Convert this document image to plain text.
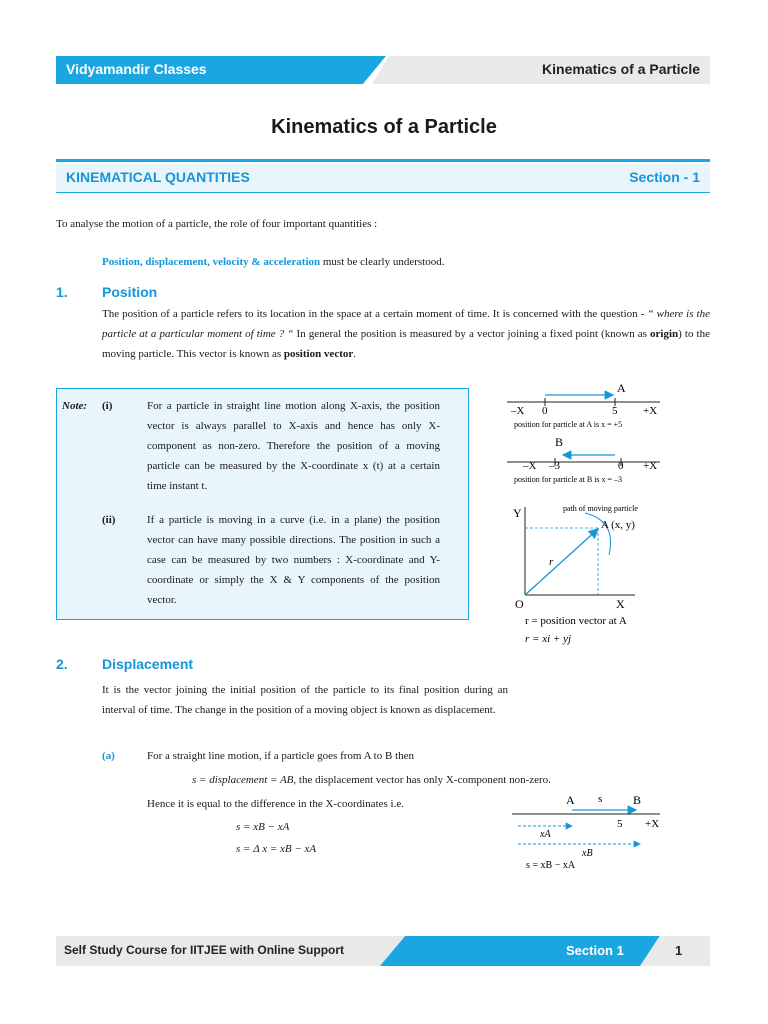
Vidyamandir Classes	Kinematics of a Particle
Kinematics of a Particle
KINEMATICAL QUANTITIES	Section - 1
To analyse the motion of a particle, the role of four important quantities :
Position, displacement, velocity & acceleration must be clearly understood.
1. Position
The position of a particle refers to its location in the space at a certain moment of time. It is concerned with the question - “ where is the particle at a particular moment of time ? “ In general the position is measured by a vector joining a fixed point (known as origin) to the moving particle. This vector is known as position vector.
Note: (i)	For a particle in straight line motion along X-axis, the position vector is always parallel to X-axis and hence has only X-component as non-zero. Therefore the position of a moving particle can be measured by the X-coordinate x (t) at a certain time instant t.
(ii)	If a particle is moving in a curve (i.e. in a plane) the position vector can have many possible directions. The position in such a case can be measured by two numbers : X-coordinate and Y-coordinate or simply the X & Y components of the position vector.
A
–X 0	5 +X
position for particle at A is x = +5
B
–X –3	0 +X
position for particle at B is x = –3
Y
O	X
path of moving particle
A (x, y)
r
r = position vector at A
r = xi + yj
2. Displacement
It is the vector joining the initial position of the particle to its final position during an interval of time. The change in the position of a moving object is known as displacement.
(a)	For a straight line motion, if a particle goes from A to B then
s = displacement = AB, the displacement vector has only X-component non-zero.
Hence it is equal to the difference in the X-coordinates i.e.
s = xB − xA
s = Δ x = xB − xA
A s	B
5 +X
xA
xB
s = xB − xA
Self Study Course for IITJEE with Online Support	Section 1	1
